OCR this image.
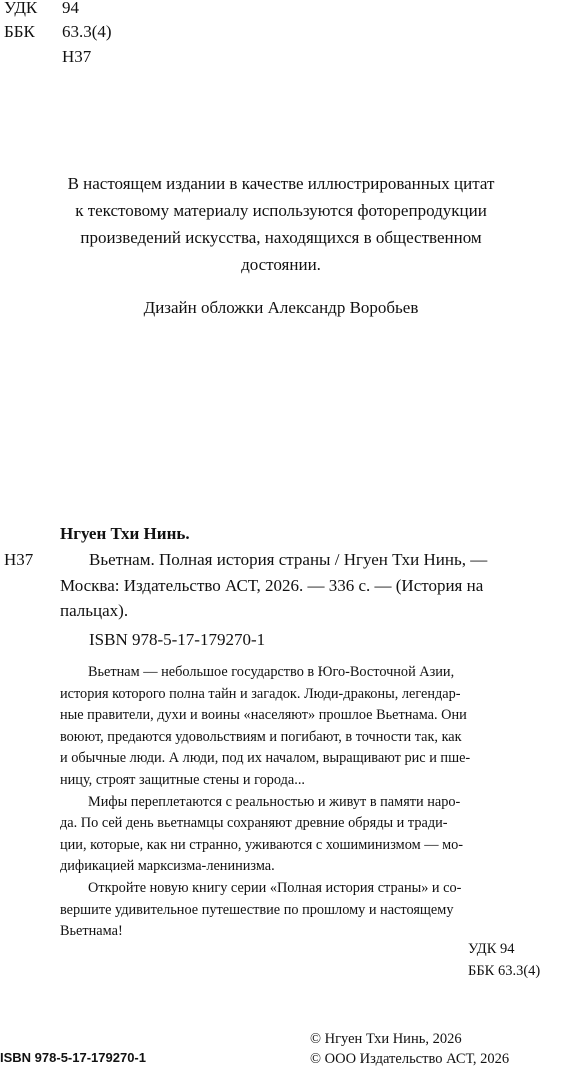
УДК 94
ББК 63.3(4)
Н37
В настоящем издании в качестве иллюстрированных цитат
к текстовому материалу используются фоторепродукции
произведений искусства, находящихся в общественном
достоянии.
Дизайн обложки Александр Воробьев
Нгуен Тхи Нинь.
Н37	Вьетнам. Полная история страны / Нгуен Тхи Нинь, —
Москва: Издательство АСТ, 2026. — 336 с. — (История на
пальцах).
ISBN 978-5-17-179270-1
Вьетнам — небольшое государство в Юго-Восточной Азии,
история которого полна тайн и загадок. Люди-драконы, легендар-
ные правители, духи и воины «населяют» прошлое Вьетнама. Они
воюют, предаются удовольствиям и погибают, в точности так, как
и обычные люди. А люди, под их началом, выращивают рис и пше-
ницу, строят защитные стены и города...
Мифы переплетаются с реальностью и живут в памяти наро-
да. По сей день вьетнамцы сохраняют древние обряды и тради-
ции, которые, как ни странно, уживаются с хошиминизмом — мо-
дификацией марксизма-ленинизма.
Откройте новую книгу серии «Полная история страны» и со-
вершите удивительное путешествие по прошлому и настоящему
Вьетнама!
УДК 94
ББК 63.3(4)
© Нгуен Тхи Нинь, 2026
ISBN 978-5-17-179270-1	© ООО Издательство АСТ, 2026
